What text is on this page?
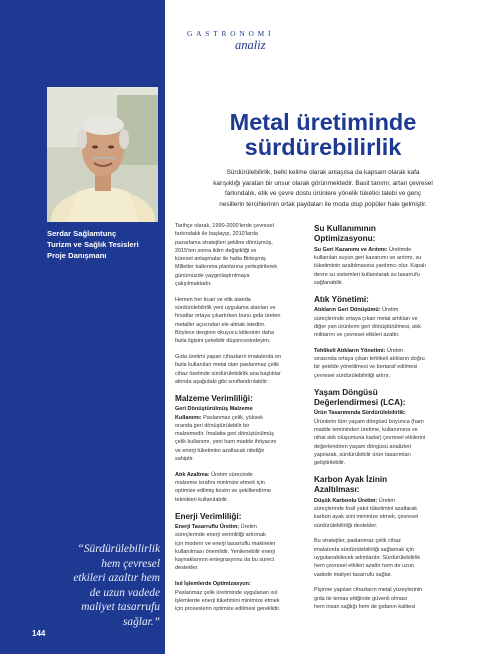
Serdar Sağlamtunç
Turizm ve Sağlık Tesisleri
Proje Danışmanı
“Sürdürülebilirlik
hem çevresel
etkileri azaltır hem
de uzun vadede
maliyet tasarrufu
sağlar.”
144
GASTRONOMİ
analiz
Metal üretiminde
sürdürebilirlik
Sürdürülebilirlik, belki kelime olarak anlaşılsa da kapsam olarak kafa
karışıklığı yaratan bir unsur olarak görünmektedir. Basit tanımı; artan çevresel
farkındalık, etik ve çevre dostu ürünlere yönelik tüketici talebi ve genç
nesillerin tercihlerinin ortak paydaları ile moda olup popüler hale gelmiştir.
Tarihçe olarak, 1990-2000'lerde çevresel
farkındalık ile başlayıp, 2010'larda
pazarlama stratejileri şekline dönüşmüş,
2015'ten sonra iklim değişikliği ve
küresel anlaşmalar ile hatta Birleşmiş
Milletler kalkınma planlarına yerleştirilerek
günümüzde yaygınlaştırılmaya
çalışılmaktadır.
Hemen her ticari ve etik alanda
sürdürülebilirlik yeni uygulama alanları ve
fırsatlar ortaya çıkartırken bunu gıda üreten
metaller açısından ele almak istedim.
Böylece derginin okuyucu kitlesinin daha
fazla ilgisini çekebilir düşüncesindeyim.
Gıda üretimi yapan cihazların imalatında en
fazla kullanılan metal olan paslanmaz çelik
cihaz özelinde sürdürülebilirlik ana başlıklar
altında aşağıdaki gibi sınıflandırılabilir:
Malzeme Verimliliği:
Geri Dönüştürülmüş Malzeme
Kullanımı: Paslanmaz çelik, yüksek
oranda geri dönüştürülebilir bir
malzemedir. İmalatta geri dönüştürülmüş
çelik kullanımı, yeni ham madde ihtiyacını
ve enerji tüketimini azaltacak niteliğe
sahiptir.
Atık Azaltma: Üretim sürecinde
malzeme israfını minimize etmek için
optimize edilmiş kesim ve şekillendirme
teknikleri kullanılabilir.
Enerji Verimliliği:
Enerji Tasarruflu Üretim: Üretim
süreçlerinde enerji verimliliği artırmak
için modern ve enerji tasarruflu makineler
kullanılması önemlidir. Yenilenebilir enerji
kaynaklarının entegrasyonu da bu süreci
destekler.
Isıl İşlemlerde Optimizasyon:
Paslanmaz çelik üretiminde uygulanan ısıl
işlemlerde enerji tüketimini minimize etmek
için proseslerin optimize edilmesi gereklidir.
Su Kullanımının
Optimizasyonu:
Su Geri Kazanımı ve Arıtımı: Üretimde
kullanılan suyun geri kazanımı ve arıtımı, su
tüketiminin azaltılmasına yardımcı olur. Kapalı
devre su sistemleri kullanılarak su tasarrufu
sağlanabilir.
Atık Yönetimi:
Atıkların Geri Dönüşümü: Üretim
süreçlerinde ortaya çıkan metal artıkları ve
diğer yan ürünlerin geri dönüştürülmesi, atık
miktarını ve çevresel etkileri azaltır.
Tehlikeli Atıkların Yönetimi: Üretim
sırasında ortaya çıkan tehlikeli atıkların doğru
bir şekilde yönetilmesi ve bertaraf edilmesi
çevresel sürdürülebilirliği artırır.
Yaşam Döngüsü
Değerlendirmesi (LCA):
Ürün Tasarımında Sürdürülebilirlik:
Ürünlerin tüm yaşam döngüsü boyunca (ham
madde temininden üretime, kullanımına ve
nihai atık oluşumuna kadar) çevresel etkilerini
değerlendiren yaşam döngüsü analizleri
yapılarak, sürdürülebilir ürün tasarımları
geliştirilebilir.
Karbon Ayak İzinin
Azaltılması:
Düşük Karbonlu Üretim: Üretim
süreçlerinde fosil yakıt tüketimini azaltarak
karbon ayak izini minimize etmek, çevresel
sürdürülebilirliği destekler.
Bu stratejiler, paslanmaz çelik cihaz
imalatında sürdürülebilirliği sağlamak için
uygulanabilecek adımlardır. Sürdürülebilirlik
hem çevresel etkileri azaltır hem de uzun
vadede maliyet tasarrufu sağlar.
Pişirme yapılan cihazların metal yüzeylerinin
gıda ile temas ettiğinde güvenli olması
hem insan sağlığı hem de gıdanın kalitesi
